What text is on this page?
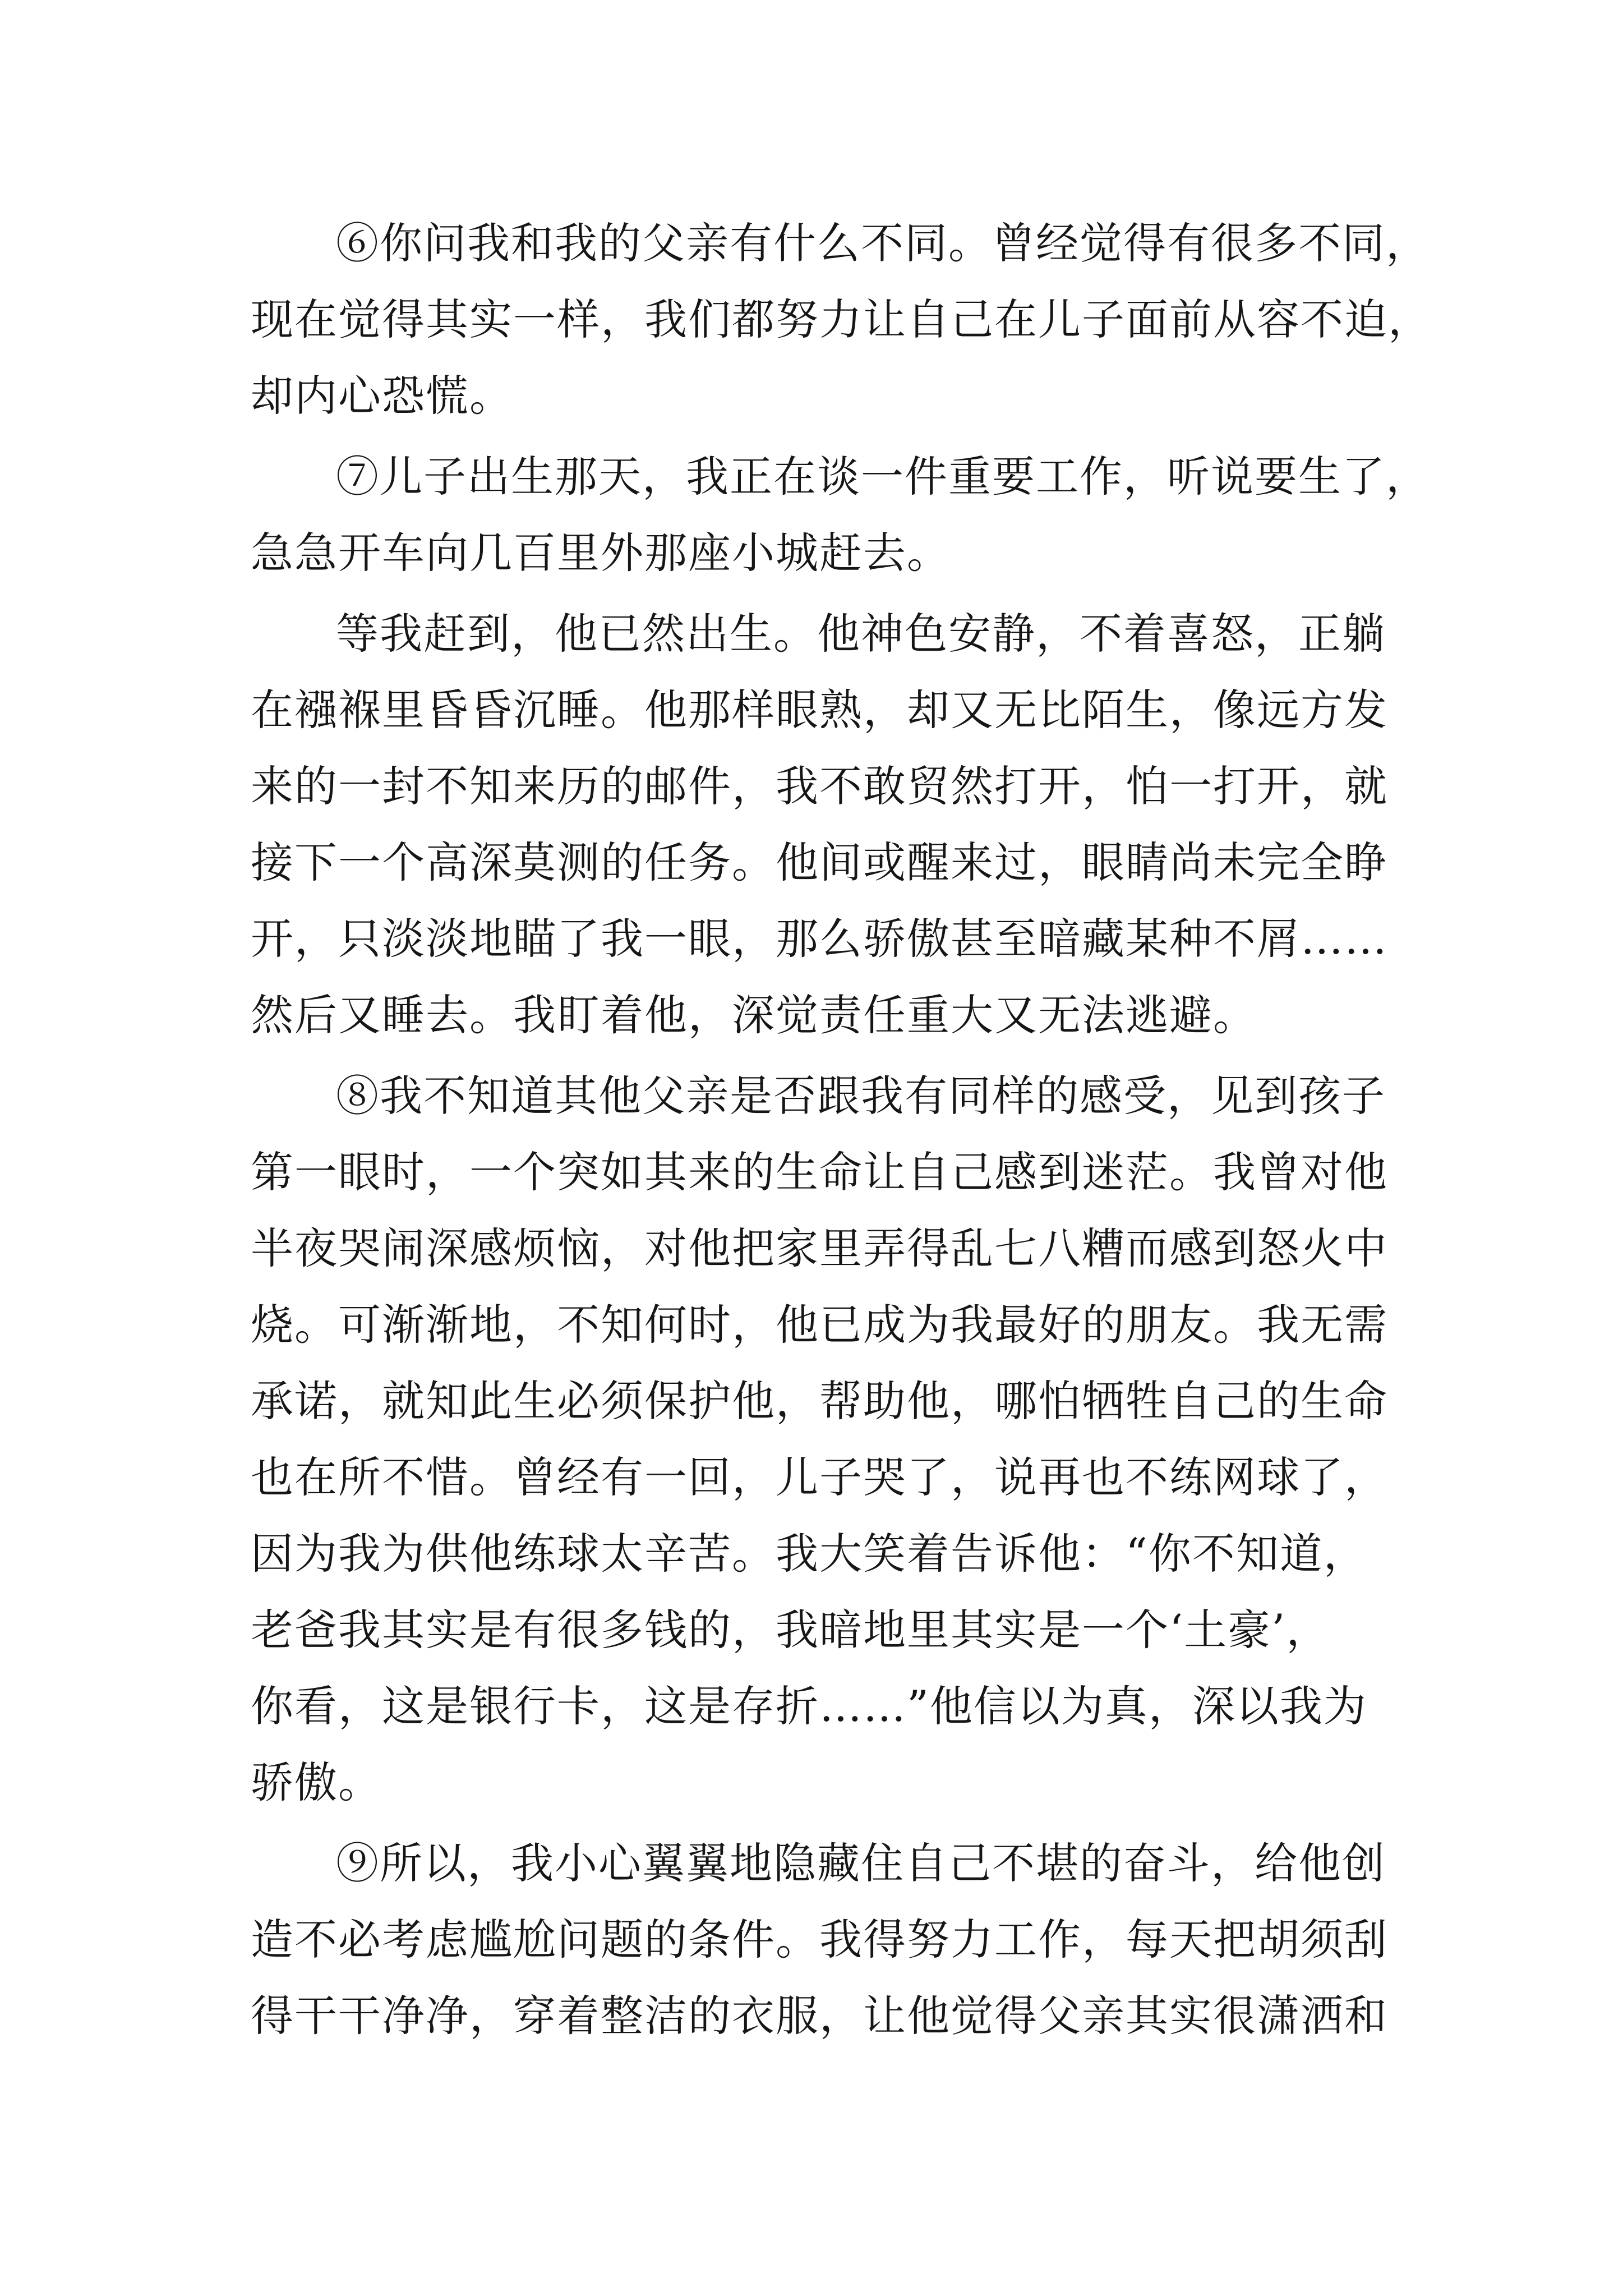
⑥你问我和我的父亲有什么不同。曾经觉得有很多不同，
现在觉得其实一样，我们都努力让自己在儿子面前从容不迫，
却内心恐慌。
⑦儿子出生那天，我正在谈一件重要工作，听说要生了，
急急开车向几百里外那座小城赶去。
等我赶到，他已然出生。他神色安静，不着喜怒，正躺
在襁褓里昏昏沉睡。他那样眼熟，却又无比陌生，像远方发
来的一封不知来历的邮件，我不敢贸然打开，怕一打开，就
接下一个高深莫测的任务。他间或醒来过，眼睛尚未完全睁
开，只淡淡地瞄了我一眼，那么骄傲甚至暗藏某种不屑……
然后又睡去。我盯着他，深觉责任重大又无法逃避。
⑧我不知道其他父亲是否跟我有同样的感受，见到孩子
第一眼时，一个突如其来的生命让自己感到迷茫。我曾对他
半夜哭闹深感烦恼，对他把家里弄得乱七八糟而感到怒火中
烧。可渐渐地，不知何时，他已成为我最好的朋友。我无需
承诺，就知此生必须保护他，帮助他，哪怕牺牲自己的生命
也在所不惜。曾经有一回，儿子哭了，说再也不练网球了，
因为我为供他练球太辛苦。我大笑着告诉他：“你不知道，
老爸我其实是有很多钱的，我暗地里其实是一个‘土豪’，
你看，这是银行卡，这是存折……”他信以为真，深以我为
骄傲。
⑨所以，我小心翼翼地隐藏住自己不堪的奋斗，给他创
造不必考虑尴尬问题的条件。我得努力工作，每天把胡须刮
得干干净净，穿着整洁的衣服，让他觉得父亲其实很潇洒和
